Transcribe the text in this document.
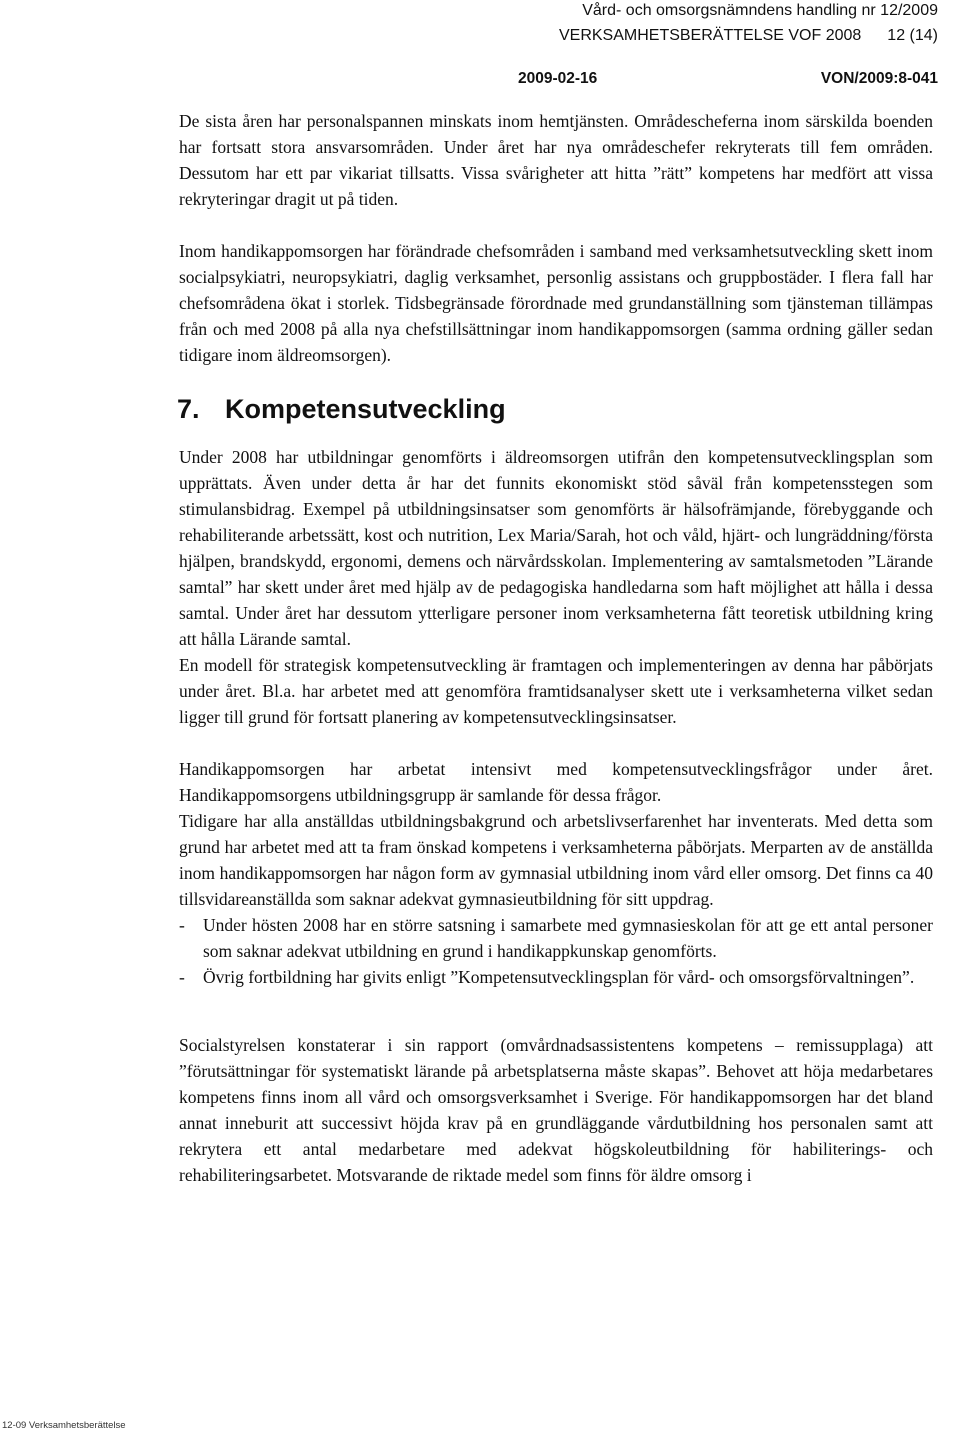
Vård- och omsorgsnämndens handling nr 12/2009
VERKSAMHETSBERÄTTELSE VOF 2008 12 (14)
2009-02-16	VON/2009:8-041

De sista åren har personalspannen minskats inom hemtjänsten. Områdescheferna inom särskilda boenden har fortsatt stora ansvarsområden. Under året har nya områdeschefer rekryterats till fem områden. Dessutom har ett par vikariat tillsatts. Vissa svårigheter att hitta ”rätt” kompetens har medfört att vissa rekryteringar dragit ut på tiden.

Inom handikappomsorgen har förändrade chefsområden i samband med verksamhetsutveckling skett inom socialpsykiatri, neuropsykiatri, daglig verksamhet, personlig assistans och gruppbostäder. I flera fall har chefsområdena ökat i storlek. Tidsbegränsade förordnade med grundanställning som tjänsteman tillämpas från och med 2008 på alla nya chefstillsättningar inom handikappomsorgen (samma ordning gäller sedan tidigare inom äldreomsorgen).

7. Kompetensutveckling

Under 2008 har utbildningar genomförts i äldreomsorgen utifrån den kompetensutvecklingsplan som upprättats. Även under detta år har det funnits ekonomiskt stöd såväl från kompetensstegen som stimulansbidrag. Exempel på utbildningsinsatser som genomförts är hälsofrämjande, förebyggande och rehabiliterande arbetssätt, kost och nutrition, Lex Maria/Sarah, hot och våld, hjärt- och lungräddning/första hjälpen, brandskydd, ergonomi, demens och närvårdsskolan. Implementering av samtalsmetoden ”Lärande samtal” har skett under året med hjälp av de pedagogiska handledarna som haft möjlighet att hålla i dessa samtal. Under året har dessutom ytterligare personer inom verksamheterna fått teoretisk utbildning kring att hålla Lärande samtal.

En modell för strategisk kompetensutveckling är framtagen och implementeringen av denna har påbörjats under året. Bl.a. har arbetet med att genomföra framtidsanalyser skett ute i verksamheterna vilket sedan ligger till grund för fortsatt planering av kompetensutvecklingsinsatser.

Handikappomsorgen har arbetat intensivt med kompetensutvecklingsfrågor under året. Handikappomsorgens utbildningsgrupp är samlande för dessa frågor.

Tidigare har alla anställdas utbildningsbakgrund och arbetslivserfarenhet har inventerats. Med detta som grund har arbetet med att ta fram önskad kompetens i verksamheterna påbörjats. Merparten av de anställda inom handikappomsorgen har någon form av gymnasial utbildning inom vård eller omsorg. Det finns ca 40 tillsvidareanställda som saknar adekvat gymnasieutbildning för sitt uppdrag.

- Under hösten 2008 har en större satsning i samarbete med gymnasieskolan för att ge ett antal personer som saknar adekvat utbildning en grund i handikappkunskap genomförts.
- Övrig fortbildning har givits enligt ”Kompetensutvecklingsplan för vård- och omsorgsförvaltningen”.

Socialstyrelsen konstaterar i sin rapport (omvårdnadsassistentens kompetens – remissupplaga) att ”förutsättningar för systematiskt lärande på arbetsplatserna måste skapas”. Behovet att höja medarbetares kompetens finns inom all vård och omsorgsverksamhet i Sverige. För handikappomsorgen har det bland annat inneburit att successivt höjda krav på en grundläggande vårdutbildning hos personalen samt att rekrytera ett antal medarbetare med adekvat högskoleutbildning för habiliterings- och rehabiliteringsarbetet. Motsvarande de riktade medel som finns för äldre omsorg i

12-09 Verksamhetsberättelse
